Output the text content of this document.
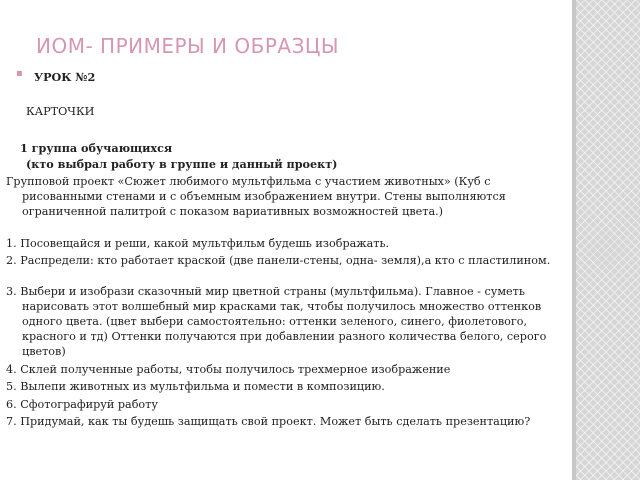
ИОМ- ПРИМЕРЫ И ОБРАЗЦЫ
▪ УРОК №2

КАРТОЧКИ

1 группа обучающихся

(кто выбрал работу в группе и данный проект)

Групповой проект «Сюжет любимого мультфильма с участием животных» (Куб с рисованными стенами и с объемным изображением внутри. Стены выполняются ограниченной палитрой с показом вариативных возможностей цвета.)

1. Посовещайся и реши, какой мультфильм будешь изображать.

2. Распредели: кто работает краской (две панели-стены, одна- земля),а кто с пластилином.

3. Выбери и изобрази сказочный мир цветной страны (мультфильма). Главное - суметь нарисовать этот волшебный мир красками так, чтобы получилось множество оттенков одного цвета. (цвет выбери самостоятельно: оттенки зеленого, синего, фиолетового, красного и тд) Оттенки получаются при добавлении разного количества белого, серого цветов)

4. Склей полученные работы, чтобы получилось трехмерное изображение

5. Вылепи животных из мультфильма и помести в композицию.

6. Сфотографируй работу

7. Придумай, как ты будешь защищать свой проект. Может быть сделать презентацию?
